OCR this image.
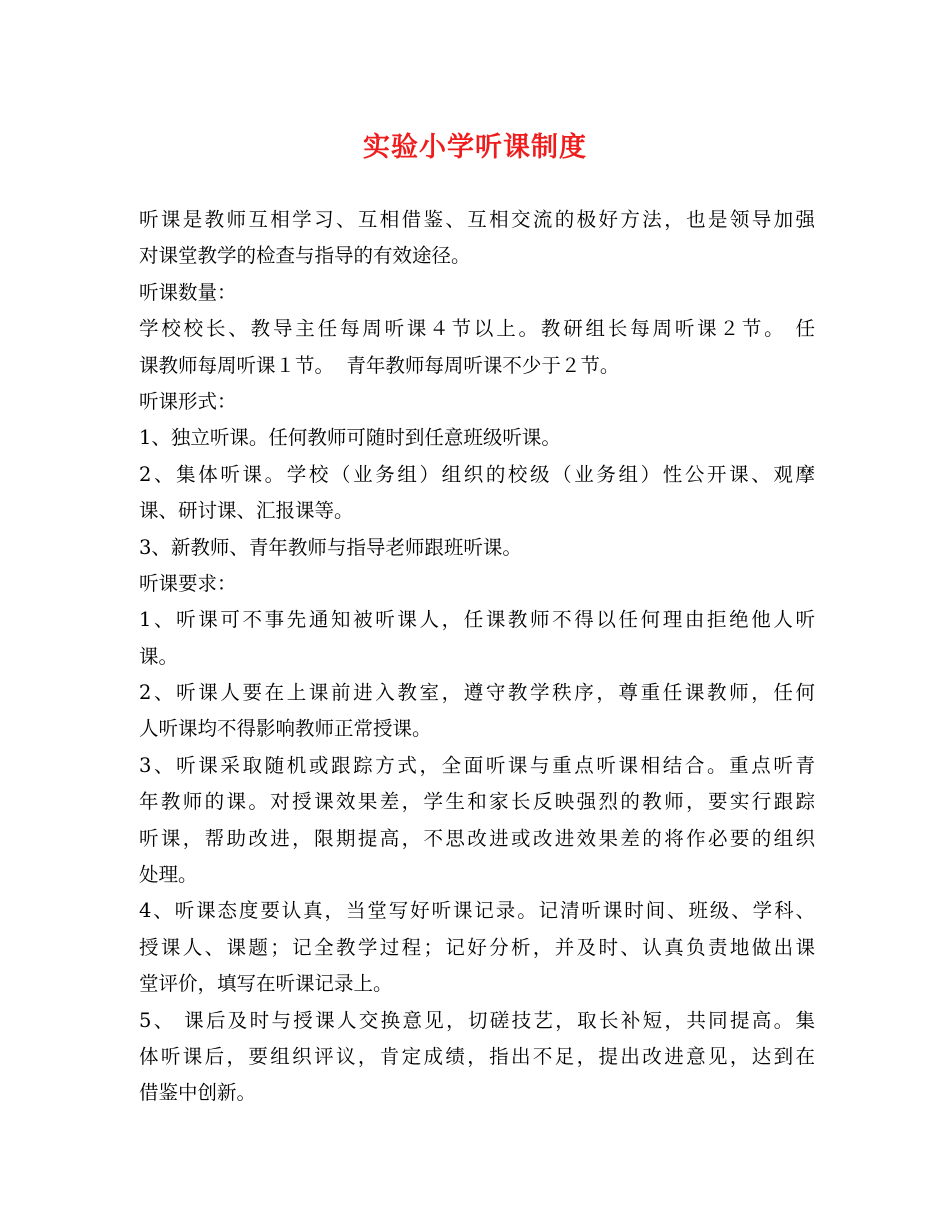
实验小学听课制度
听课是教师互相学习、互相借鉴、互相交流的极好方法，也是领导加强
对课堂教学的检查与指导的有效途径。
听课数量：
学校校长、教导主任每周听课４节以上。教研组长每周听课２节。 任
课教师每周听课１节。  青年教师每周听课不少于２节。
听课形式：
1、独立听课。任何教师可随时到任意班级听课。
2、集体听课。学校（业务组）组织的校级（业务组）性公开课、观摩
课、研讨课、汇报课等。
3、新教师、青年教师与指导老师跟班听课。
听课要求：
1、听课可不事先通知被听课人，任课教师不得以任何理由拒绝他人听
课。
2、听课人要在上课前进入教室，遵守教学秩序，尊重任课教师，任何
人听课均不得影响教师正常授课。
3、听课采取随机或跟踪方式，全面听课与重点听课相结合。重点听青
年教师的课。对授课效果差，学生和家长反映强烈的教师，要实行跟踪
听课，帮助改进，限期提高，不思改进或改进效果差的将作必要的组织
处理。
4、听课态度要认真，当堂写好听课记录。记清听课时间、班级、学科、
授课人、课题；记全教学过程；记好分析，并及时、认真负责地做出课
堂评价，填写在听课记录上。
5、 课后及时与授课人交换意见，切磋技艺，取长补短，共同提高。集
体听课后，要组织评议，肯定成绩，指出不足，提出改进意见，达到在
借鉴中创新。
